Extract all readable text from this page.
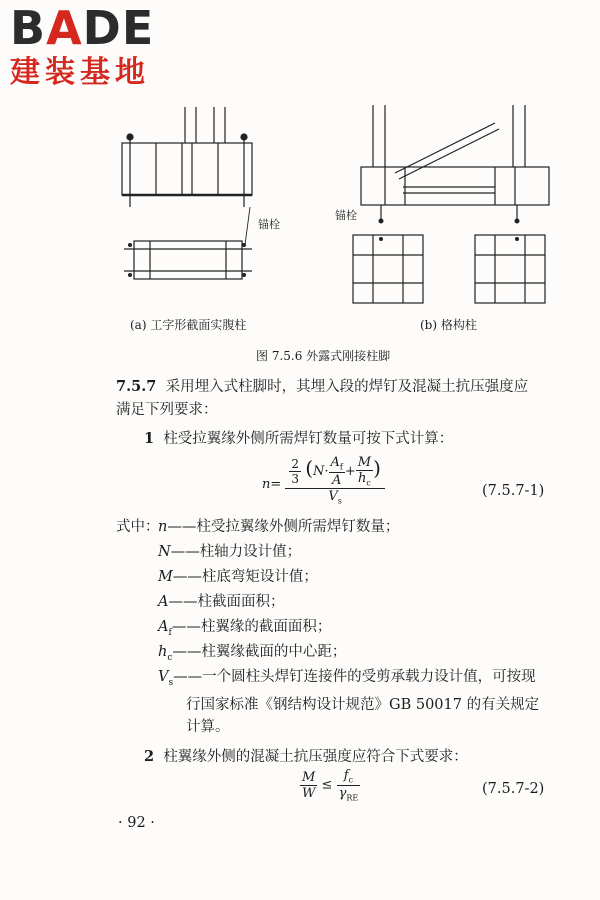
BADE
建装基地
锚栓
锚栓
(a) 工字形截面实腹柱	(b) 格构柱
图 7.5.6 外露式刚接柱脚
7.5.7 采用埋入式柱脚时，其埋入段的焊钉及混凝土抗压强度应
满足下列要求：
1 柱受拉翼缘外侧所需焊钉数量可按下式计算：
$n= \frac{\frac{2}{3} (N\cdot \frac{A_f}{A} + \frac{M}{h_c} )}{V_s}$	(7.5.7-1)
式中：
n——柱受拉翼缘外侧所需焊钉数量；
N——柱轴力设计值；
M——柱底弯矩设计值；
A——柱截面面积；
$A_f——$柱翼缘的截面面积；
$h_c——$柱翼缘截面的中心距；
$V_s——$一个圆柱头焊钉连接件的受剪承载力设计值，可按现
行国家标准《钢结构设计规范》GB 50017 的有关规定
计算。
2 柱翼缘外侧的混凝土抗压强度应符合下式要求：
$\frac{M}{W} \le \frac{f_c}{\gamma_{RE}}$	(7.5.7-2)
· 92 ·
